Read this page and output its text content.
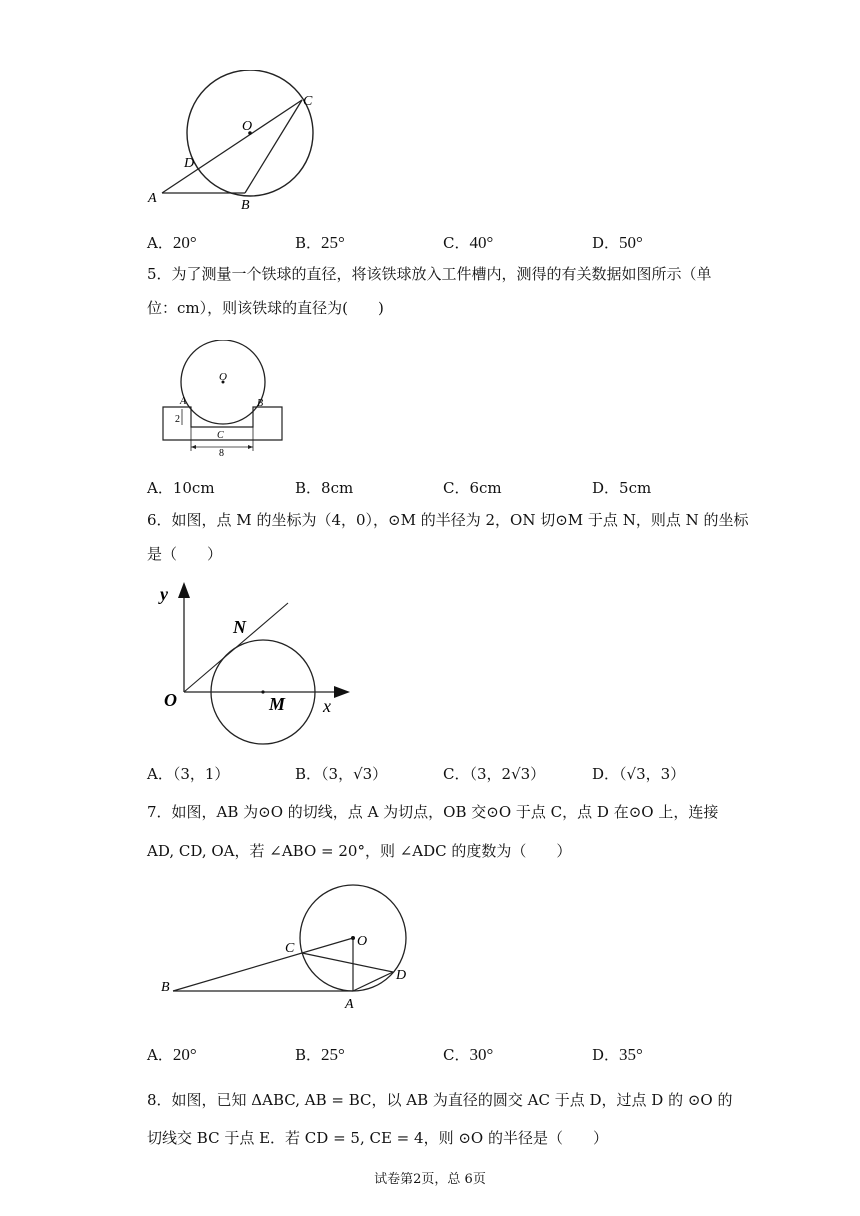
O
C
D
A	B
A．20°	B．25°	C．40°	D．50°
5．为了测量一个铁球的直径，将该铁球放入工件槽内，测得的有关数据如图所示（单
位：cm），则该铁球的直径为(　　)
O
A	B
C
2
8
A．10cm	B．8cm	C．6cm	D．5cm
6．如图，点 M 的坐标为（4，0），⊙M 的半径为 2，ON 切⊙M 于点 N，则点 N 的坐标
是（　　）
y
x
O
N
M
A．（3，1）	B．（3，√3）	C．（3，2√3）	D．（√3，3）
7．如图，AB 为⊙O 的切线，点 A 为切点，OB 交⊙O 于点 C，点 D 在⊙O 上，连接
AD, CD, OA，若 ∠ABO = 20°，则 ∠ADC 的度数为（　　）
O
C
D
B
A
A．20°	B．25°	C．30°	D．35°
8．如图，已知 ΔABC, AB = BC，以 AB 为直径的圆交 AC 于点 D，过点 D 的 ⊙O 的
切线交 BC 于点 E．若 CD = 5, CE = 4，则 ⊙O 的半径是（　　）
试卷第2页，总 6页
